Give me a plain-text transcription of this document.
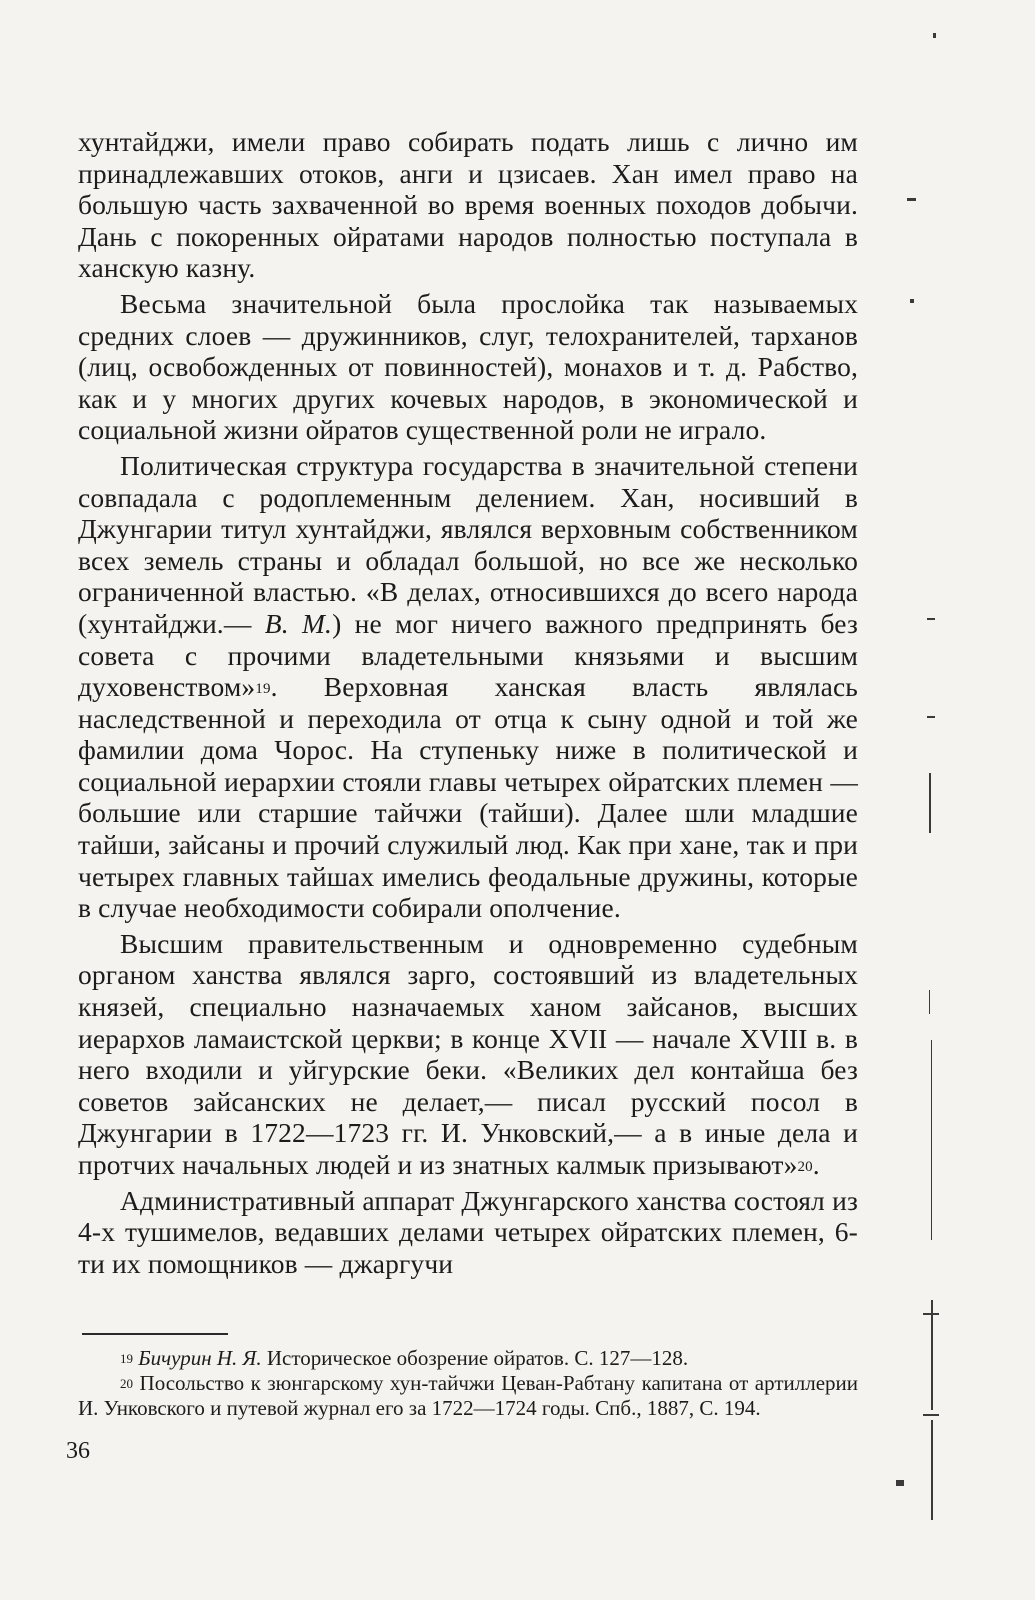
хунтайджи, имели право собирать подать лишь с лично им принадлежавших отоков, анги и цзисаев. Хан имел право на большую часть захваченной во время военных походов добычи. Дань с покоренных ойратами народов полностью поступала в ханскую казну.

Весьма значительной была прослойка так называемых средних слоев — дружинников, слуг, телохранителей, тарханов (лиц, освобожденных от повинностей), монахов и т. д. Рабство, как и у многих других кочевых народов, в экономической и социальной жизни ойратов существенной роли не играло.

Политическая структура государства в значительной степени совпадала с родоплеменным делением. Хан, носивший в Джунгарии титул хунтайджи, являлся верховным собственником всех земель страны и обладал большой, но все же несколько ограниченной властью. «В делах, относившихся до всего народа (хунтайджи.— В. М.) не мог ничего важного предпринять без совета с прочими владетельными князьями и высшим духовенством»$^{19}$. Верховная ханская власть являлась наследственной и переходила от отца к сыну одной и той же фамилии дома Чорос. На ступеньку ниже в политической и социальной иерархии стояли главы четырех ойратских племен — большие или старшие тайчжи (тайши). Далее шли младшие тайши, зайсаны и прочий служилый люд. Как при хане, так и при четырех главных тайшах имелись феодальные дружины, которые в случае необходимости собирали ополчение.

Высшим правительственным и одновременно судебным органом ханства являлся зарго, состоявший из владетельных князей, специально назначаемых ханом зайсанов, высших иерархов ламаистской церкви; в конце XVII — начале XVIII в. в него входили и уйгурские беки. «Великих дел контайша без советов зайсанских не делает,— писал русский посол в Джунгарии в 1722—1723 гг. И. Унковский,— а в иные дела и протчих начальных людей и из знатных калмык призывают»$^{20}$.

Административный аппарат Джунгарского ханства состоял из 4-х тушимелов, ведавших делами четырех ойратских племен, 6-ти их помощников — джаргучи

$^{19}$ Бичурин Н. Я. Историческое обозрение ойратов. С. 127—128.

$^{20}$ Посольство к зюнгарскому хун-тайчжи Цеван-Рабтану капитана от артиллерии И. Унковского и путевой журнал его за 1722—1724 годы. Спб., 1887, С. 194.

36
